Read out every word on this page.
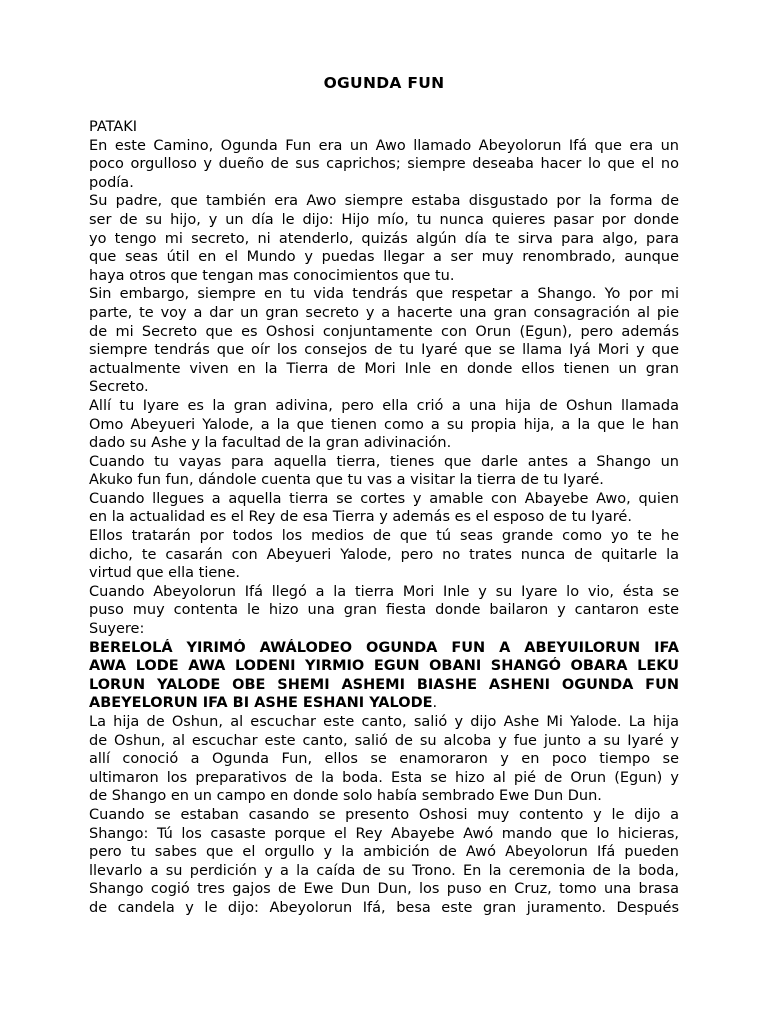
OGUNDA FUN
PATAKI
En este Camino, Ogunda Fun era un Awo llamado Abeyolorun Ifá que era un
poco orgulloso y dueño de sus caprichos; siempre deseaba hacer lo que el no
podía.
Su padre, que también era Awo siempre estaba disgustado por la forma de
ser de su hijo, y un día le dijo: Hijo mío, tu nunca quieres pasar por donde
yo tengo mi secreto, ni atenderlo, quizás algún día te sirva para algo, para
que seas útil en el Mundo y puedas llegar a ser muy renombrado, aunque
haya otros que tengan mas conocimientos que tu.
Sin embargo, siempre en tu vida tendrás que respetar a Shango. Yo por mi
parte, te voy a dar un gran secreto y a hacerte una gran consagración al pie
de mi Secreto que es Oshosi conjuntamente con Orun (Egun), pero además
siempre tendrás que oír los consejos de tu Iyaré que se llama Iyá Mori y que
actualmente viven en la Tierra de Mori Inle en donde ellos tienen un gran
Secreto.
Allí tu Iyare es la gran adivina, pero ella crió a una hija de Oshun llamada
Omo Abeyueri Yalode, a la que tienen como a su propia hija, a la que le han
dado su Ashe y la facultad de la gran adivinación.
Cuando tu vayas para aquella tierra, tienes que darle antes a Shango un
Akuko fun fun, dándole cuenta que tu vas a visitar la tierra de tu Iyaré.
Cuando llegues a aquella tierra se cortes y amable con Abayebe Awo, quien
en la actualidad es el Rey de esa Tierra y además es el esposo de tu Iyaré.
Ellos tratarán por todos los medios de que tú seas grande como yo te he
dicho, te casarán con Abeyueri Yalode, pero no trates nunca de quitarle la
virtud que ella tiene.
Cuando Abeyolorun Ifá llegó a la tierra Mori Inle y su Iyare lo vio, ésta se
puso muy contenta le hizo una gran fiesta donde bailaron y cantaron este
Suyere:
BERELOLÁ YIRIMÓ AWÁLODEO OGUNDA FUN A ABEYUILORUN IFA
AWA LODE AWA LODENI YIRMIO EGUN OBANI SHANGÓ OBARA LEKU
LORUN YALODE OBE SHEMI ASHEMI BIASHE ASHENI OGUNDA FUN
ABEYELORUN IFA BI ASHE ESHANI YALODE.
La hija de Oshun, al escuchar este canto, salió y dijo Ashe Mi Yalode. La hija
de Oshun, al escuchar este canto, salió de su alcoba y fue junto a su Iyaré y
allí conoció a Ogunda Fun, ellos se enamoraron y en poco tiempo se
ultimaron los preparativos de la boda. Esta se hizo al pié de Orun (Egun) y
de Shango en un campo en donde solo había sembrado Ewe Dun Dun.
Cuando se estaban casando se presento Oshosi muy contento y le dijo a
Shango: Tú los casaste porque el Rey Abayebe Awó mando que lo hicieras,
pero tu sabes que el orgullo y la ambición de Awó Abeyolorun Ifá pueden
llevarlo a su perdición y a la caída de su Trono. En la ceremonia de la boda,
Shango cogió tres gajos de Ewe Dun Dun, los puso en Cruz, tomo una brasa
de candela y le dijo: Abeyolorun Ifá, besa este gran juramento. Después
